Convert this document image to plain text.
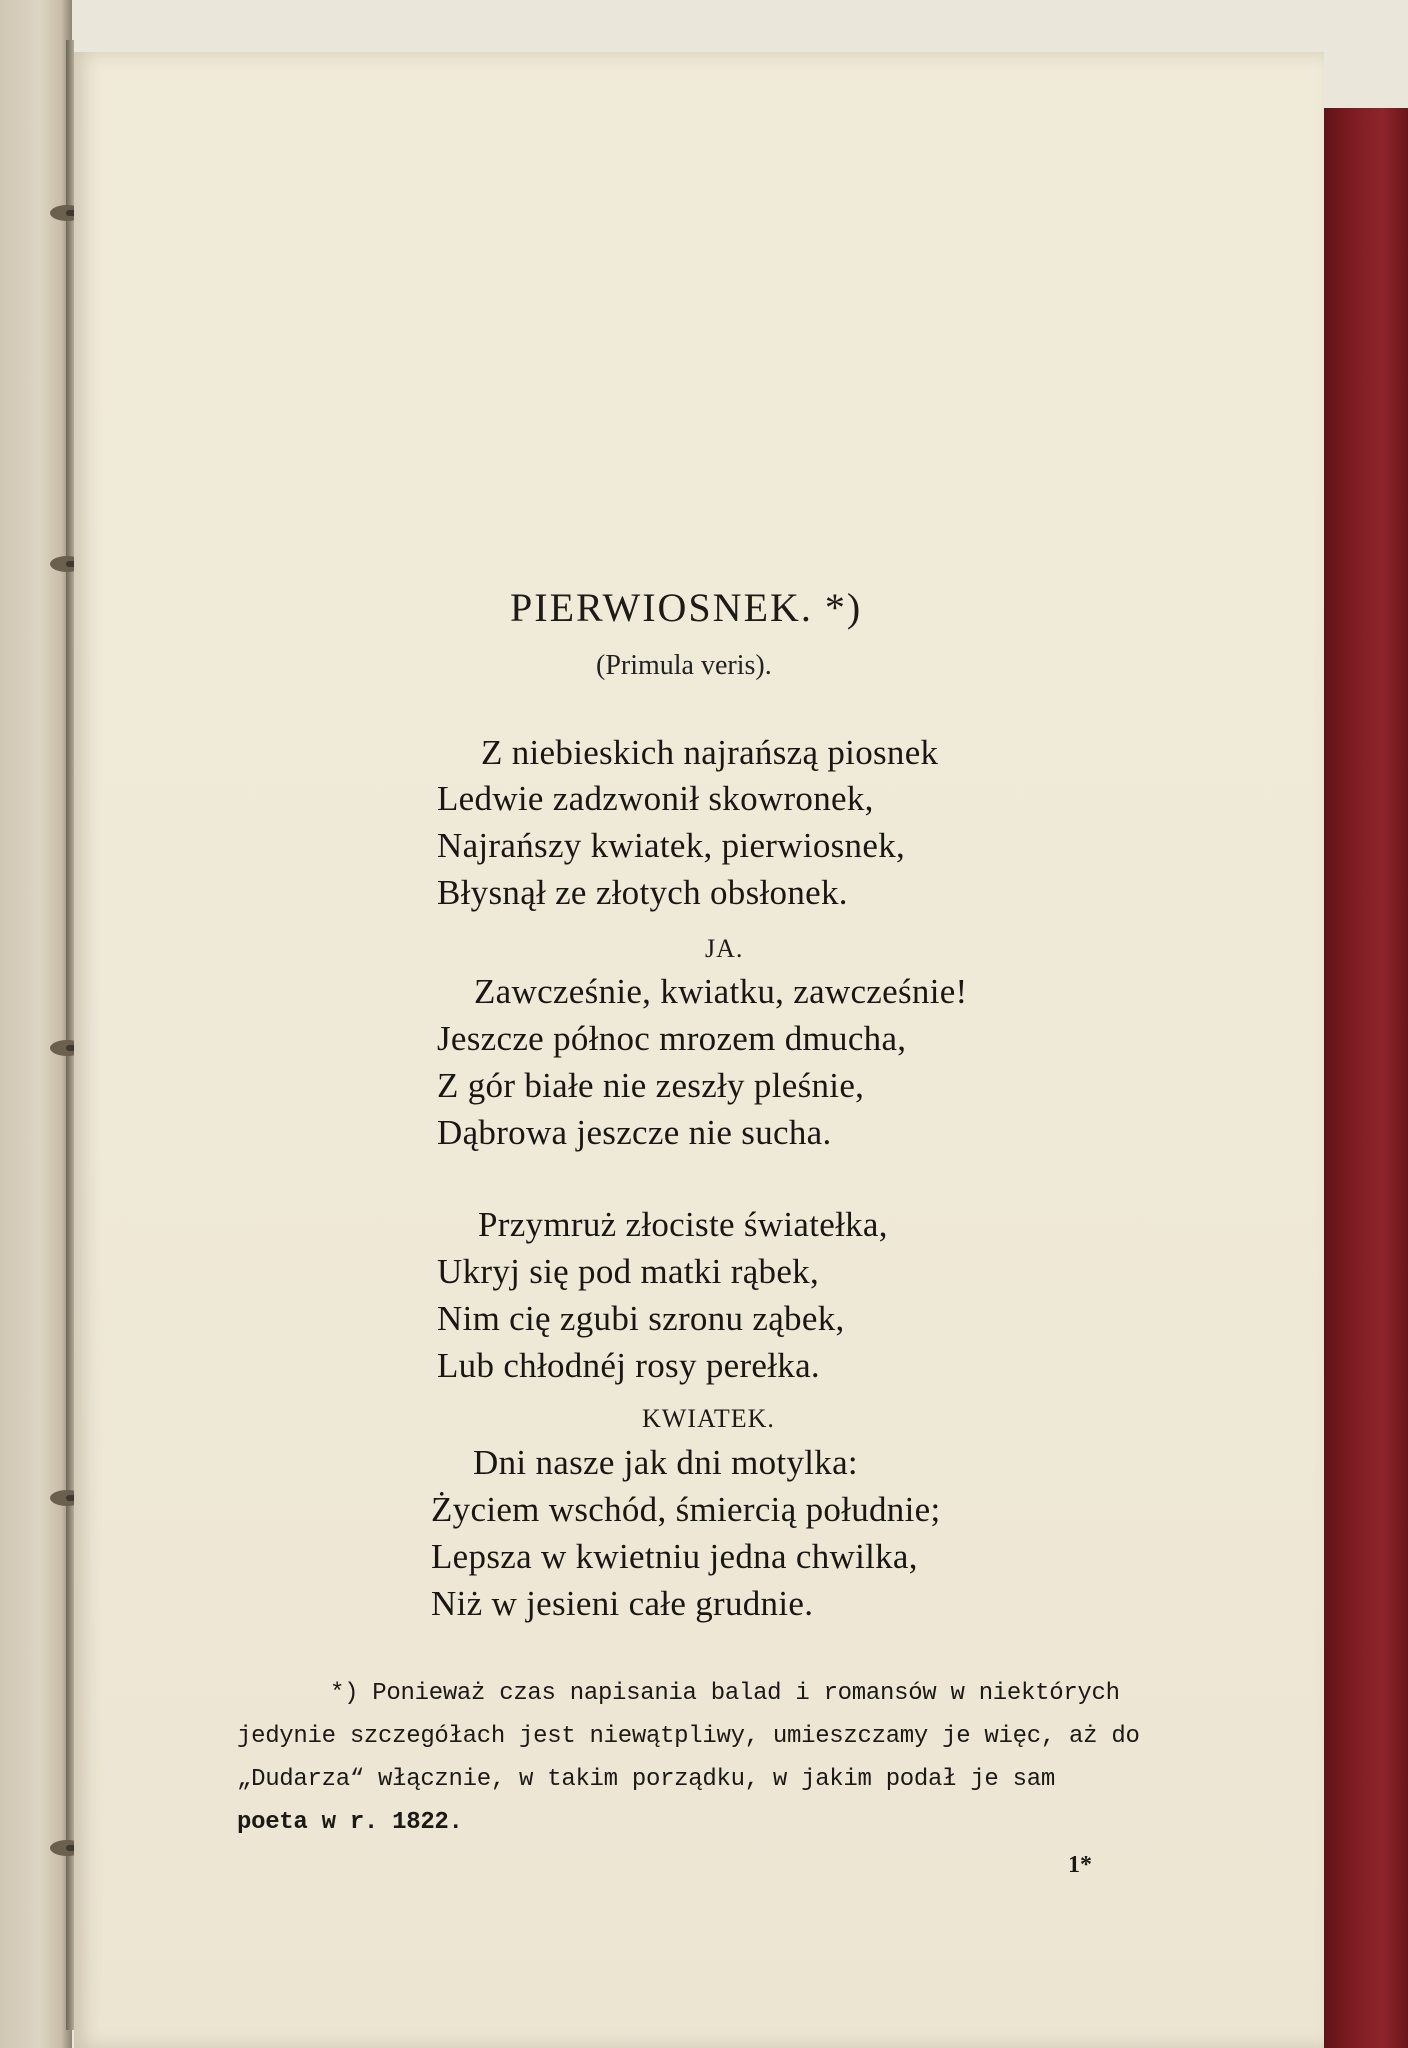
PIERWIOSNEK. *)
(Primula veris).
Z niebieskich najrańszą piosnek
Ledwie zadzwonił skowronek,
Najrańszy kwiatek, pierwiosnek,
Błysnął ze złotych obsłonek.
JA.
Zawcześnie, kwiatku, zawcześnie!
Jeszcze północ mrozem dmucha,
Z gór białe nie zeszły pleśnie,
Dąbrowa jeszcze nie sucha.
Przymruż złociste światełka,
Ukryj się pod matki rąbek,
Nim cię zgubi szronu ząbek,
Lub chłodnéj rosy perełka.
KWIATEK.
Dni nasze jak dni motylka:
Życiem wschód, śmiercią południe;
Lepsza w kwietniu jedna chwilka,
Niż w jesieni całe grudnie.
*) Ponieważ czas napisania balad i romansów w niektórych
jedynie szczegółach jest niewątpliwy, umieszczamy je więc, aż do
„Dudarza“ włącznie, w takim porządku, w jakim podał je sam
poeta w r. 1822.
1*
